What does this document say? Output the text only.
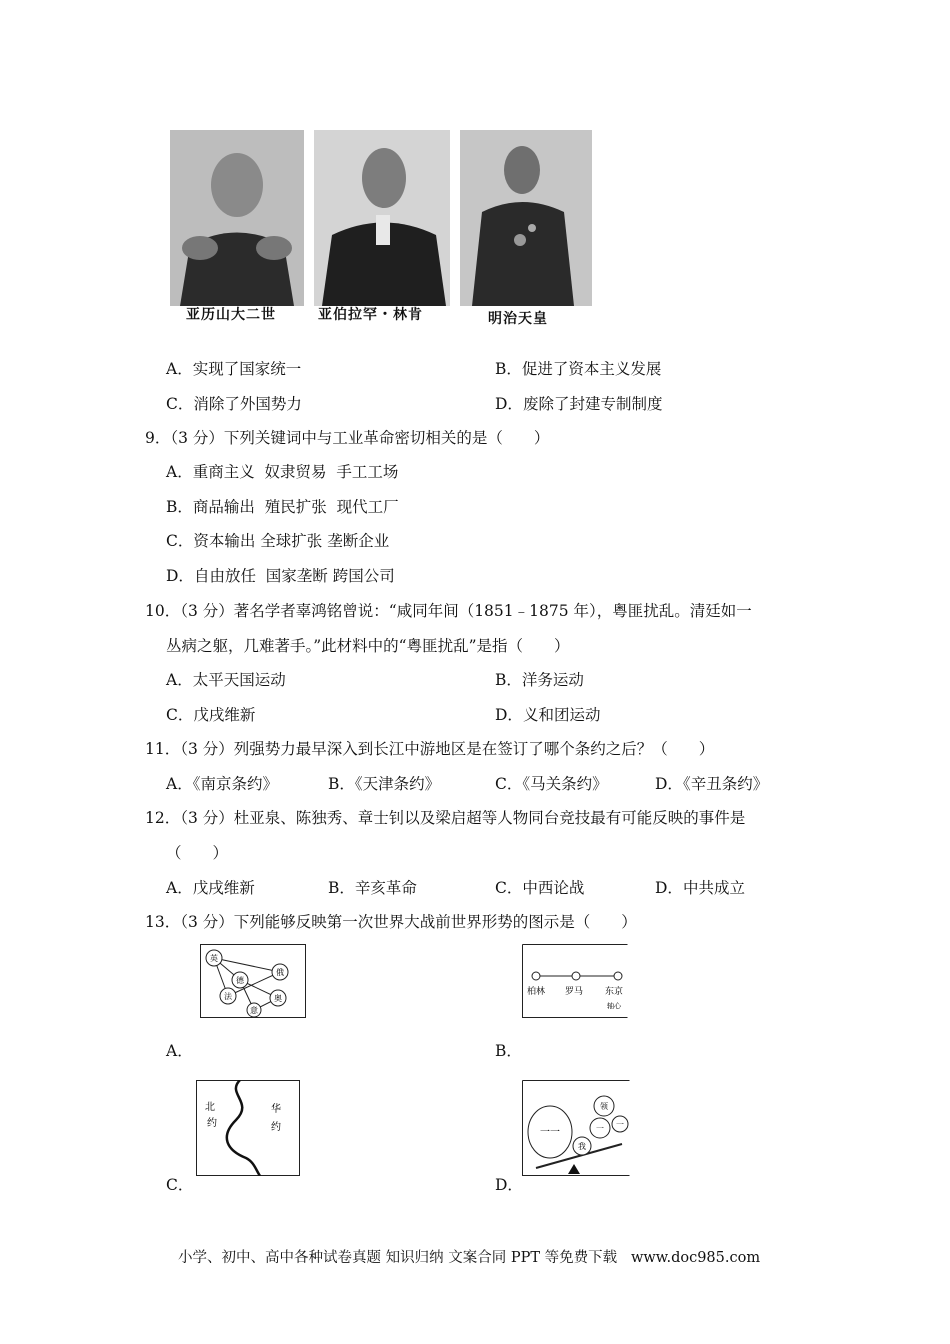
亚历山大二世	亚伯拉罕・林肯	明治天皇
A．实现了国家统一	B．促进了资本主义发展
C．消除了外国势力	D．废除了封建专制制度
9．（3 分）下列关键词中与工业革命密切相关的是（　　）
A．重商主义  奴隶贸易  手工工场
B．商品输出  殖民扩张  现代工厂
C．资本输出 全球扩张 垄断企业
D．自由放任  国家垄断 跨国公司
10．（3 分）著名学者辜鸿铭曾说：“咸同年间（1851﹣1875 年），粤匪扰乱。清廷如一
丛病之躯，几难著手。”此材料中的“粤匪扰乱”是指（　　）
A．太平天国运动	B．洋务运动
C．戊戌维新	D．义和团运动
11．（3 分）列强势力最早深入到长江中游地区是在签订了哪个条约之后？（　　）
A．《南京条约》	B．《天津条约》	C．《马关条约》	D．《辛丑条约》
12．（3 分）杜亚泉、陈独秀、章士钊以及梁启超等人物同台竞技最有可能反映的事件是
（　　）
A．戊戌维新	B．辛亥革命	C．中西论战	D．中共成立
13．（3 分）下列能够反映第一次世界大战前世界形势的图示是（　　）
英
德
俄
法	奥
意
A．
柏林 罗马 东京
轴心
B．
北
约
华
约
C．
一一
我
一 一
领
D．
小学、初中、高中各种试卷真题 知识归纳 文案合同 PPT 等免费下载   www.doc985.com
